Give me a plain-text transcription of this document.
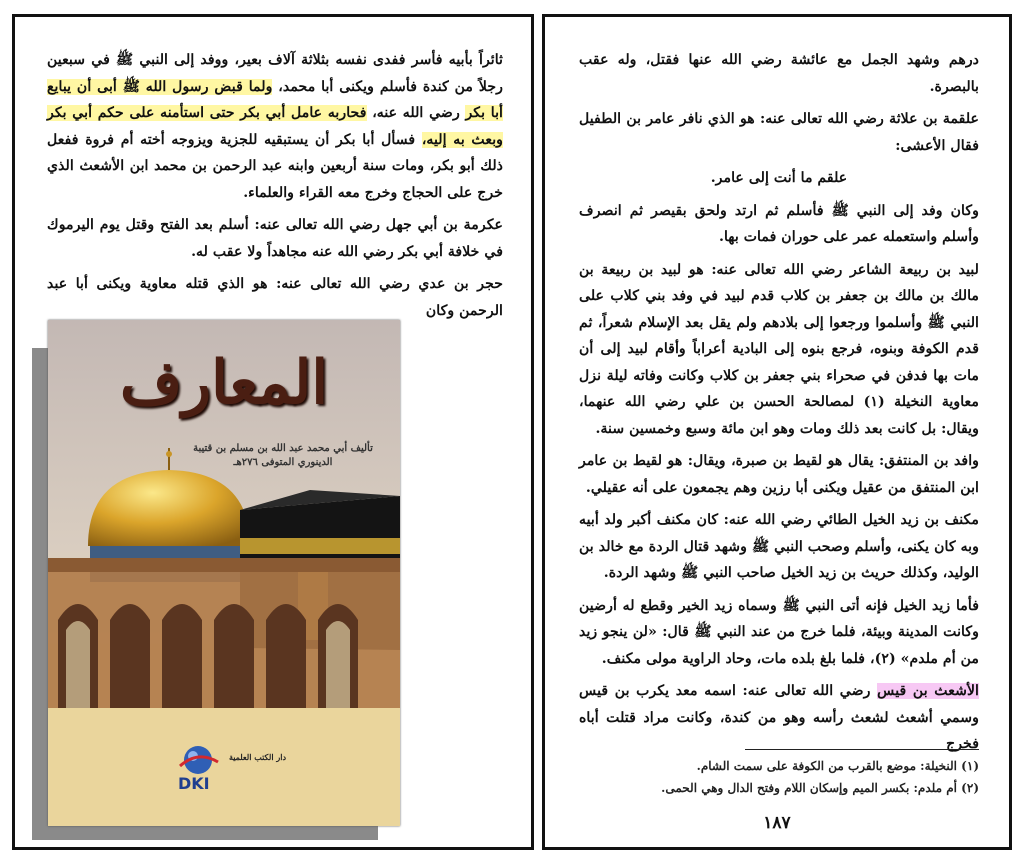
ثائراً بأبيه فأسر ففدى نفسه بثلاثة آلاف بعير، ووفد إلى النبي ﷺ في سبعين رجلاً من كندة فأسلم ويكنى أبا محمد، ولما قبض رسول الله ﷺ أبى أن يبايع أبا بكر رضي الله عنه، فحاربه عامل أبي بكر حتى استأمنه على حكم أبي بكر وبعث به إليه، فسأل أبا بكر أن يستبقيه للجزية ويزوجه أخته أم فروة ففعل ذلك أبو بكر، ومات سنة أربعين وابنه عبد الرحمن بن محمد ابن الأشعث الذي خرج على الحجاج وخرج معه القراء والعلماء.

عكرمة بن أبي جهل رضي الله تعالى عنه: أسلم بعد الفتح وقتل يوم اليرموك في خلافة أبي بكر رضي الله عنه مجاهداً ولا عقب له.

حجر بن عدي رضي الله تعالى عنه: هو الذي قتله معاوية ويكنى أبا عبد الرحمن وكان

درهم وشهد الجمل مع عائشة رضي الله عنها فقتل، وله عقب بالبصرة.

علقمة بن علاثة رضي الله تعالى عنه: هو الذي نافر عامر بن الطفيل فقال الأعشى:

علقم ما أنت إلى عامر.

وكان وفد إلى النبي ﷺ فأسلم ثم ارتد ولحق بقيصر ثم انصرف وأسلم واستعمله عمر على حوران فمات بها.

لبيد بن ربيعة الشاعر رضي الله تعالى عنه: هو لبيد بن ربيعة بن مالك بن مالك بن جعفر بن كلاب قدم لبيد في وفد بني كلاب على النبي ﷺ وأسلموا ورجعوا إلى بلادهم ولم يقل بعد الإسلام شعراً، ثم قدم الكوفة وبنوه، فرجع بنوه إلى البادية أعراباً وأقام لبيد إلى أن مات بها فدفن في صحراء بني جعفر بن كلاب وكانت وفاته ليلة نزل معاوية النخيلة (١) لمصالحة الحسن بن علي رضي الله عنهما، ويقال: بل كانت بعد ذلك ومات وهو ابن مائة وسبع وخمسين سنة.

وافد بن المنتفق: يقال هو لقيط بن صبرة، ويقال: هو لقيط بن عامر ابن المنتفق من عقيل ويكنى أبا رزين وهم يجمعون على أنه عقيلي.

مكنف بن زيد الخيل الطائي رضي الله عنه: كان مكنف أكبر ولد أبيه وبه كان يكنى، وأسلم وصحب النبي ﷺ وشهد قتال الردة مع خالد بن الوليد، وكذلك حريث بن زيد الخيل صاحب النبي ﷺ وشهد الردة.

فأما زيد الخيل فإنه أتى النبي ﷺ وسماه زيد الخير وقطع له أرضين وكانت المدينة وبيئة، فلما خرج من عند النبي ﷺ قال: «لن ينجو زيد من أم ملدم» (٢)، فلما بلغ بلده مات، وحاد الراوية مولى مكنف.

الأشعث بن قيس رضي الله تعالى عنه: اسمه معد يكرب بن قيس وسمي أشعث لشعث رأسه وهو من كندة، وكانت مراد قتلت أباه فخرج

(١) النخيلة: موضع بالقرب من الكوفة على سمت الشام.
(٢) أم ملدم: بكسر الميم وإسكان اللام وفتح الدال وهي الحمى.
١٨٧
المعارف
تأليف أبي محمد عبد الله بن مسلم بن قتيبة الدينوري المتوفى ٢٧٦هـ
دار الكتب العلمية
DKI
